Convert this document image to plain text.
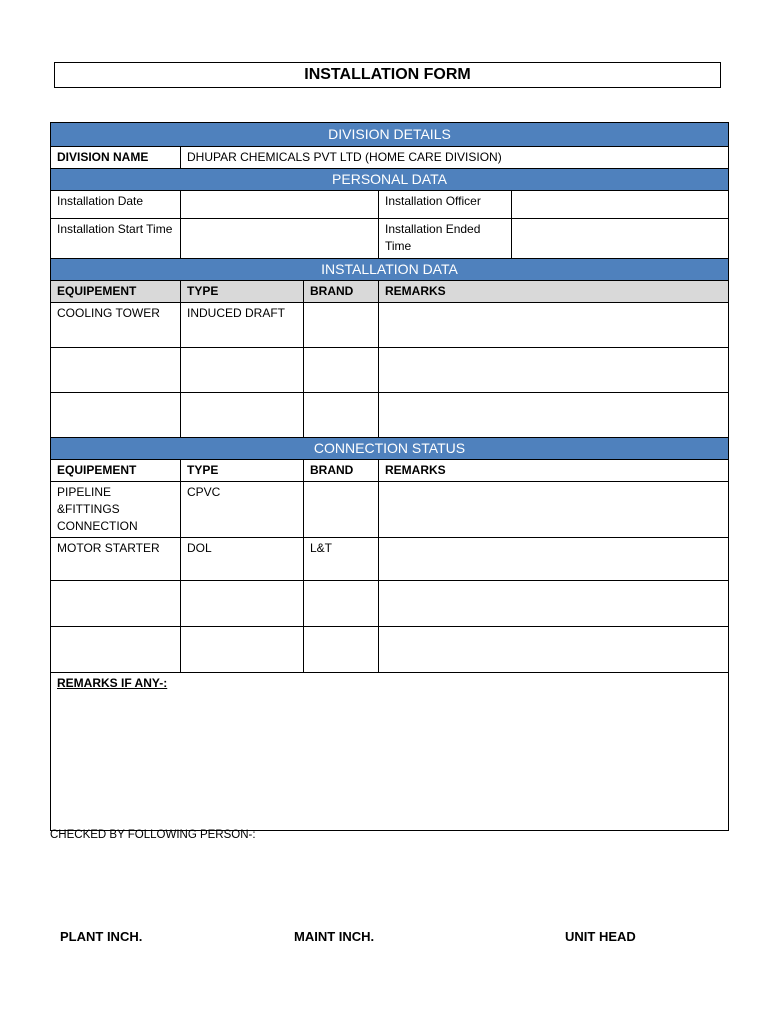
INSTALLATION FORM
DIVISION DETAILS				
DIVISION NAME	DHUPAR CHEMICALS PVT LTD (HOME CARE DIVISION)			
PERSONAL DATA				
Installation Date			Installation Officer	
Installation Start Time			Installation Ended Time	
INSTALLATION DATA				
EQUIPEMENT	TYPE	BRAND	REMARKS	
COOLING TOWER	INDUCED DRAFT			

CONNECTION STATUS				
EQUIPEMENT	TYPE	BRAND	REMARKS	
PIPELINE &FITTINGS CONNECTION	CPVC			
MOTOR STARTER	DOL	L&T		

REMARKS IF ANY-:				
CHECKED BY FOLLOWING PERSON-:
PLANT INCH.	MAINT INCH.	UNIT HEAD
